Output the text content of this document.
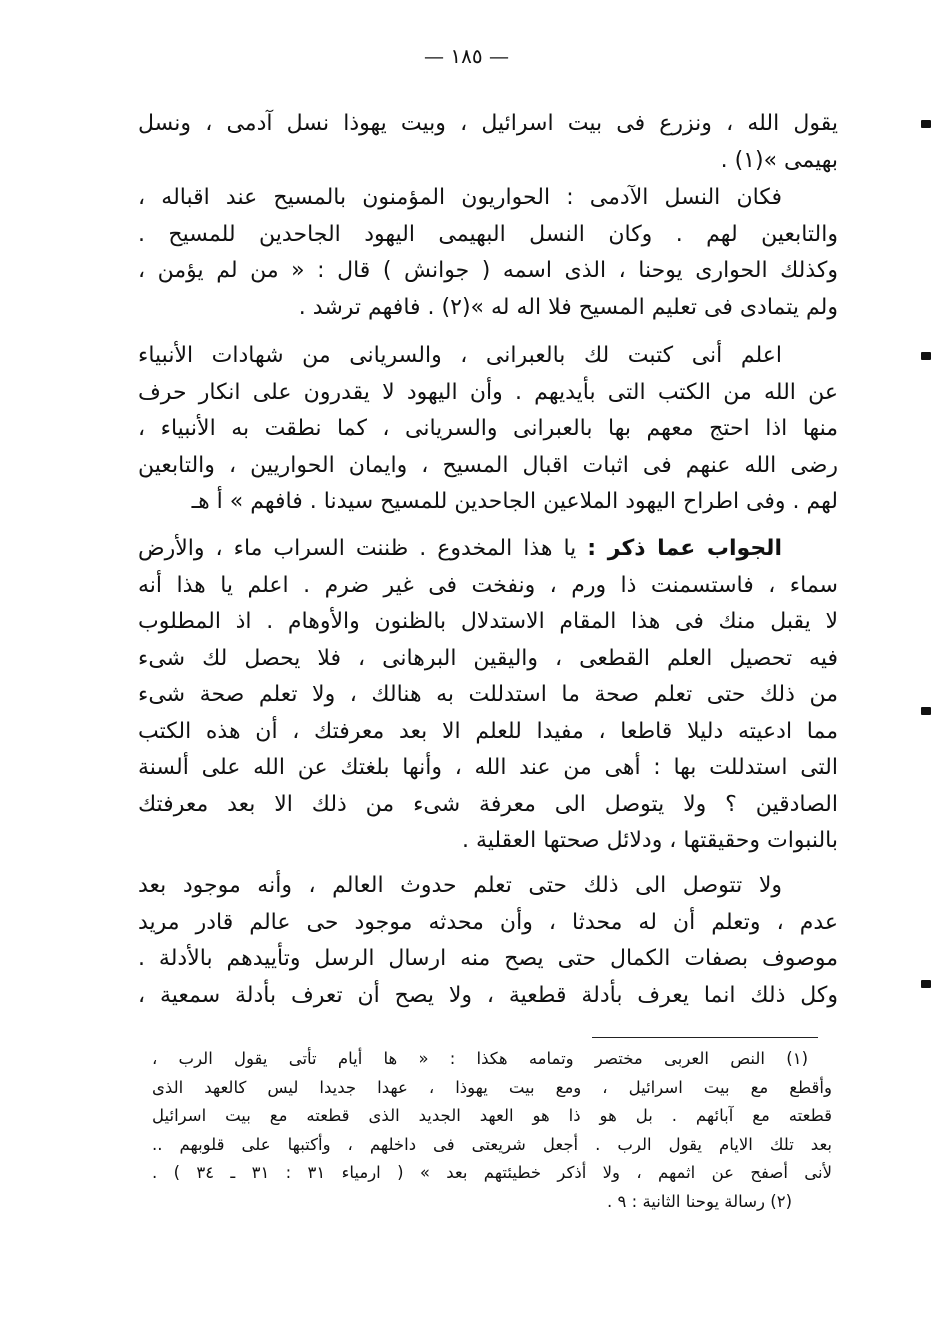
— ١٨٥ —
يقول الله ، ونزرع فى بيت اسرائيل ، وبيت يهوذا نسل آدمى ، ونسل
بهيمى »(١) .
فكان النسل الآدمى : الحواريون المؤمنون بالمسيح عند اقباله ،
والتابعين لهم . وكان النسل البهيمى اليهود الجاحدين للمسيح .
وكذلك الحوارى يوحنا ، الذى اسمه ( جوانش ) قال : « من لم يؤمن ،
ولم يتمادى فى تعليم المسيح فلا اله له »(٢) . فافهم ترشد .
اعلم أنى كتبت لك بالعبرانى ، والسريانى من شهادات الأنبياء
عن الله من الكتب التى بأيديهم . وأن اليهود لا يقدرون على انكار حرف
منها اذا احتج معهم بها بالعبرانى والسريانى ، كما نطقت به الأنبياء ،
رضى الله عنهم فى اثبات اقبال المسيح ، وايمان الحواريين ، والتابعين
لهم . وفى اطراح اليهود الملاعين الجاحدين للمسيح سيدنا . فافهم » أ هـ
الجواب عما ذكر : يا هذا المخدوع . ظننت السراب ماء ، والأرض
سماء ، فاستسمنت ذا ورم ، ونفخت فى غير ضرم . اعلم يا هذا أنه
لا يقبل منك فى هذا المقام الاستدلال بالظنون والأوهام . اذ المطلوب
فيه تحصيل العلم القطعى ، واليقين البرهانى ، فلا يحصل لك شىء
من ذلك حتى تعلم صحة ما استدللت به هنالك ، ولا تعلم صحة شىء
مما ادعيته دليلا قاطعا ، مفيدا للعلم الا بعد معرفتك ، أن هذه الكتب
التى استدللت بها : أهى من عند الله ، وأنها بلغتك عن الله على ألسنة
الصادقين ؟ ولا يتوصل الى معرفة شىء من ذلك الا بعد معرفتك
بالنبوات وحقيقتها ، ودلائل صحتها العقلية .
ولا تتوصل الى ذلك حتى تعلم حدوث العالم ، وأنه موجود بعد
عدم ، وتعلم أن له محدثا ، وأن محدثه موجود حى عالم قادر مريد
موصوف بصفات الكمال حتى يصح منه ارسال الرسل وتأييدهم بالأدلة .
وكل ذلك انما يعرف بأدلة قطعية ، ولا يصح أن تعرف بأدلة سمعية ،
(١) النص العربى مختصر وتمامه هكذا : « ها أيام تأتى يقول الرب ،
وأقطع مع بيت اسرائيل ، ومع بيت يهوذا ، عهدا جديدا ليس كالعهد الذى
قطعته مع آبائهم . بل هو ذا هو العهد الجديد الذى قطعته مع بيت اسرائيل
بعد تلك الايام يقول الرب . أجعل شريعتى فى داخلهم ، وأكتبها على قلوبهم ..
لأنى أصفح عن اثمهم ، ولا أذكر خطيئتهم بعد » ( ارمياء ٣١ : ٣١ ـ ٣٤ ) .
(٢) رسالة يوحنا الثانية : ٩ .
